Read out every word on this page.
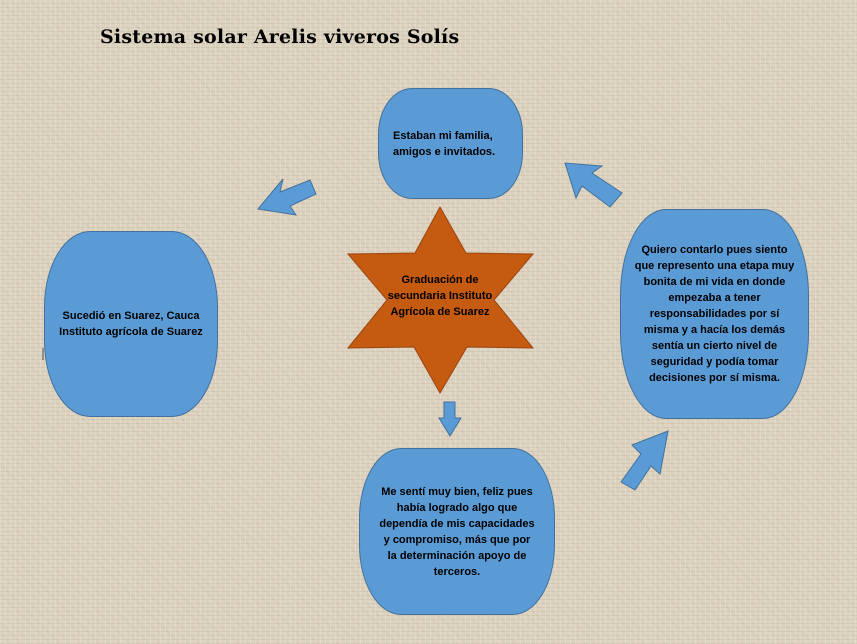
Sistema solar Arelis viveros Solís
Graduación de secundaria Instituto Agrícola de Suarez
Estaban mi familia, amigos e invitados.
Sucedió en Suarez, Cauca Instituto agrícola de Suarez
Quiero contarlo pues siento que represento una etapa muy bonita de mi vida en donde empezaba a tener responsabilidades por sí misma y a hacía los demás sentía un cierto nivel de seguridad y podía tomar decisiones por sí misma.
Me sentí muy bien, feliz pues había logrado algo que dependía de mis capacidades y compromiso, más que por la determinación apoyo de terceros.
